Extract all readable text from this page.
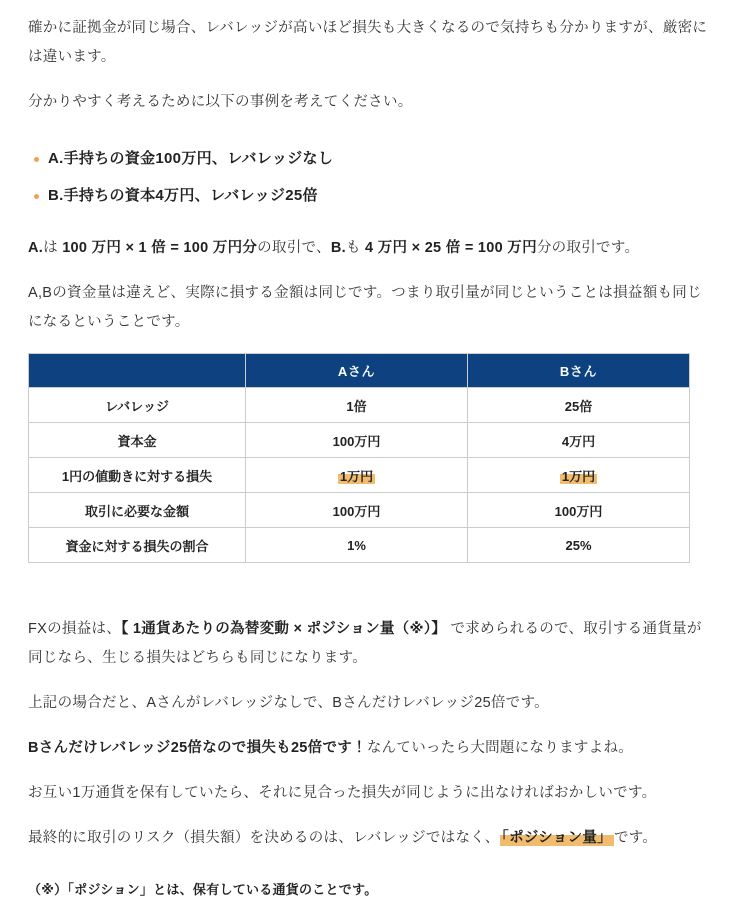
確かに証拠金が同じ場合、レバレッジが高いほど損失も大きくなるので気持ちも分かりますが、厳密には違います。

分かりやすく考えるために以下の事例を考えてください。

A.手持ちの資金100万円、レバレッジなし
B.手持ちの資本4万円、レバレッジ25倍

A.は 100 万円 × 1 倍 = 100 万円分の取引で、B.も 4 万円 × 25 倍 = 100 万円分の取引です。

A,Bの資金量は違えど、実際に損する金額は同じです。つまり取引量が同じということは損益額も同じになるということです。

	Aさん	Bさん
レバレッジ	1倍	25倍
資本金	100万円	4万円
1円の値動きに対する損失	1万円	1万円
取引に必要な金額	100万円	100万円
資金に対する損失の割合	1%	25%

FXの損益は、【 1通貨あたりの為替変動 × ポジション量（※）】 で求められるので、取引する通貨量が同じなら、生じる損失はどちらも同じになります。

上記の場合だと、Aさんがレバレッジなしで、Bさんだけレバレッジ25倍です。

Bさんだけレバレッジ25倍なので損失も25倍です！なんていったら大問題になりますよね。

お互い1万通貨を保有していたら、それに見合った損失が同じように出なければおかしいです。

最終的に取引のリスク（損失額）を決めるのは、レバレッジではなく、 「ポジション量」 です。

（※）「ポジション」とは、保有している通貨のことです。
